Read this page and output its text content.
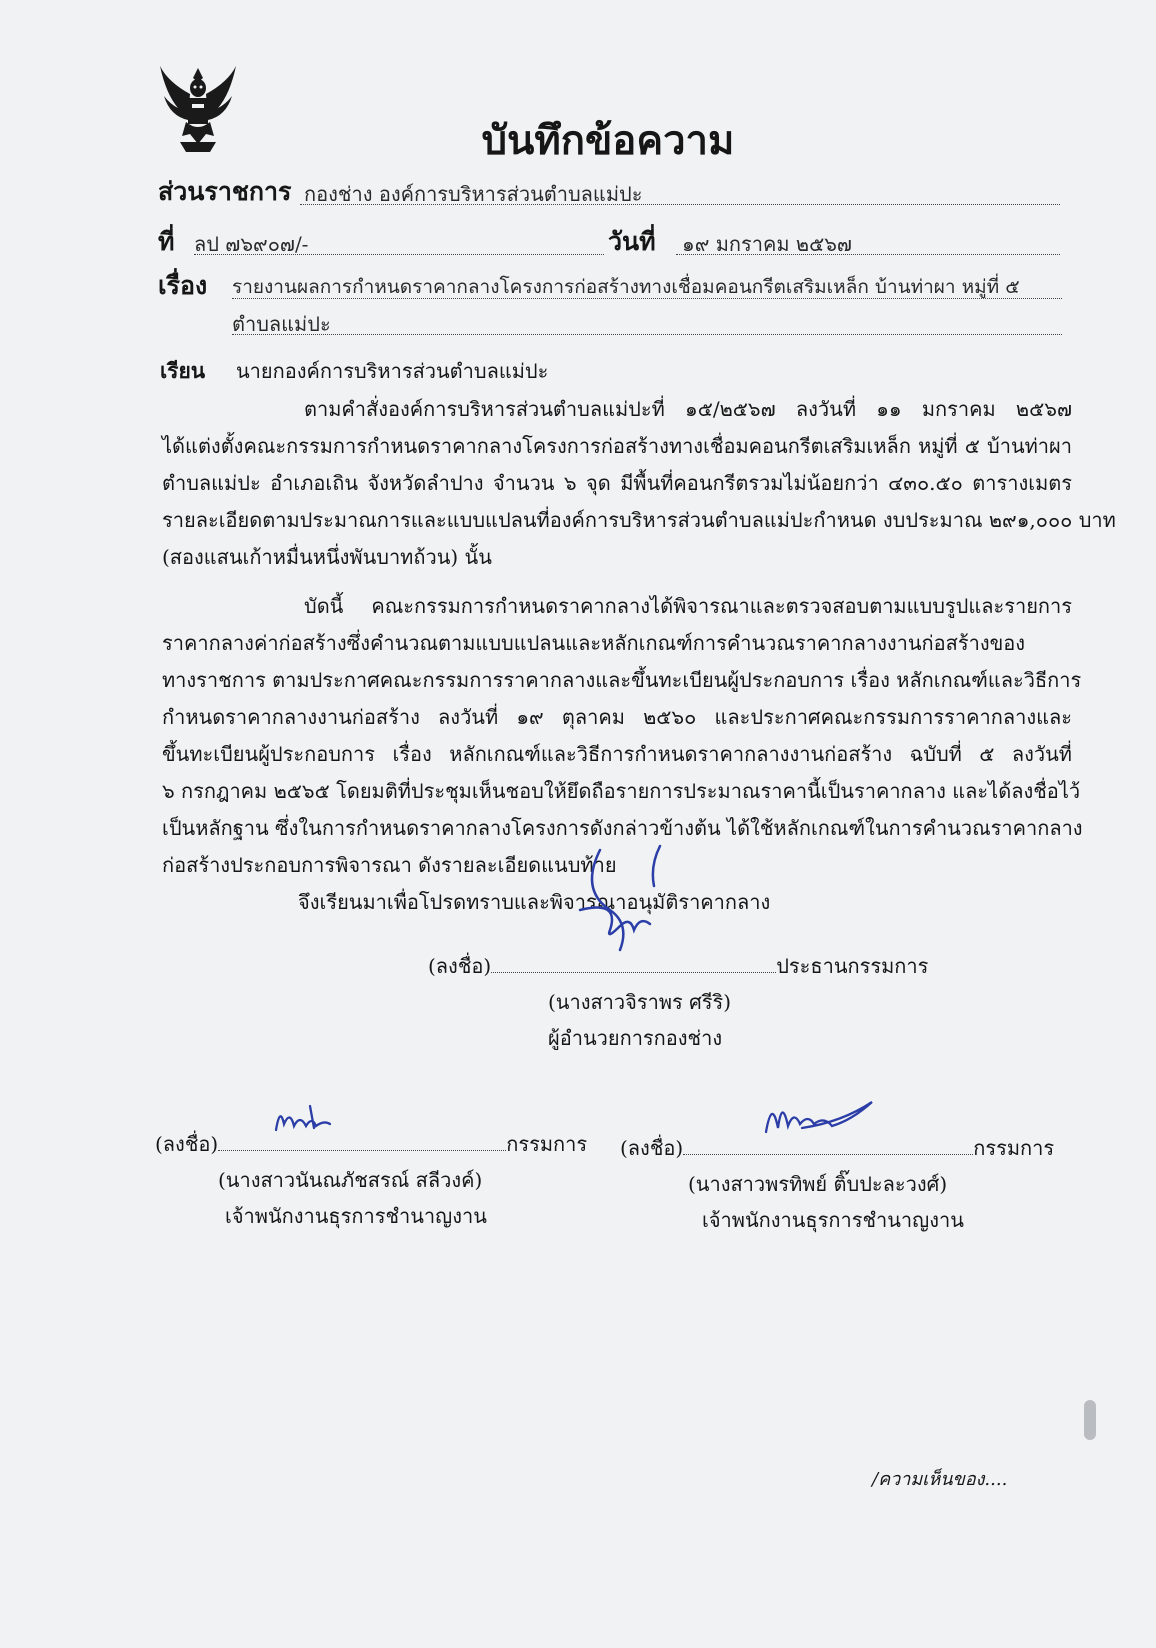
บันทึกข้อความ
ส่วนราชการ กองช่าง องค์การบริหารส่วนตำบลแม่ปะ
ที่ ลป ๗๖๙๐๗/-	วันที่	๑๙ มกราคม ๒๕๖๗
เรื่อง รายงานผลการกำหนดราคากลางโครงการก่อสร้างทางเชื่อมคอนกรีตเสริมเหล็ก บ้านท่าผา หมู่ที่ ๕
ตำบลแม่ปะ
เรียน นายกองค์การบริหารส่วนตำบลแม่ปะ
ตามคำสั่งองค์การบริหารส่วนตำบลแม่ปะที่ ๑๕/๒๕๖๗ ลงวันที่ ๑๑ มกราคม ๒๕๖๗
ได้แต่งตั้งคณะกรรมการกำหนดราคากลางโครงการก่อสร้างทางเชื่อมคอนกรีตเสริมเหล็ก หมู่ที่ ๕ บ้านท่าผา
ตำบลแม่ปะ อำเภอเถิน จังหวัดลำปาง จำนวน ๖ จุด มีพื้นที่คอนกรีตรวมไม่น้อยกว่า ๔๓๐.๕๐ ตารางเมตร
รายละเอียดตามประมาณการและแบบแปลนที่องค์การบริหารส่วนตำบลแม่ปะกำหนด งบประมาณ ๒๙๑,๐๐๐ บาท
(สองแสนเก้าหมื่นหนึ่งพันบาทถ้วน) นั้น
บัดนี้ คณะกรรมการกำหนดราคากลางได้พิจารณาและตรวจสอบตามแบบรูปและรายการ
ราคากลางค่าก่อสร้างซึ่งคำนวณตามแบบแปลนและหลักเกณฑ์การคำนวณราคากลางงานก่อสร้างของ
ทางราชการ ตามประกาศคณะกรรมการราคากลางและขึ้นทะเบียนผู้ประกอบการ เรื่อง หลักเกณฑ์และวิธีการ
กำหนดราคากลางงานก่อสร้าง ลงวันที่ ๑๙ ตุลาคม ๒๕๖๐ และประกาศคณะกรรมการราคากลางและ
ขึ้นทะเบียนผู้ประกอบการ เรื่อง หลักเกณฑ์และวิธีการกำหนดราคากลางงานก่อสร้าง ฉบับที่ ๕ ลงวันที่
๖ กรกฎาคม ๒๕๖๕ โดยมติที่ประชุมเห็นชอบให้ยึดถือรายการประมาณราคานี้เป็นราคากลาง และได้ลงชื่อไว้
เป็นหลักฐาน ซึ่งในการกำหนดราคากลางโครงการดังกล่าวข้างต้น ได้ใช้หลักเกณฑ์ในการคำนวณราคากลาง
ก่อสร้างประกอบการพิจารณา ดังรายละเอียดแนบท้าย
จึงเรียนมาเพื่อโปรดทราบและพิจารณาอนุมัติราคากลาง
(ลงชื่อ)	ประธานกรรมการ
(นางสาวจิราพร ศรีริ)
ผู้อำนวยการกองช่าง
(ลงชื่อ)	กรรมการ
(นางสาวนันณภัชสรณ์ สลีวงค์)
เจ้าพนักงานธุรการชำนาญงาน
(ลงชื่อ)	กรรมการ
(นางสาวพรทิพย์ ติ๊บปะละวงศ์)
เจ้าพนักงานธุรการชำนาญงาน
/ความเห็นของ....
